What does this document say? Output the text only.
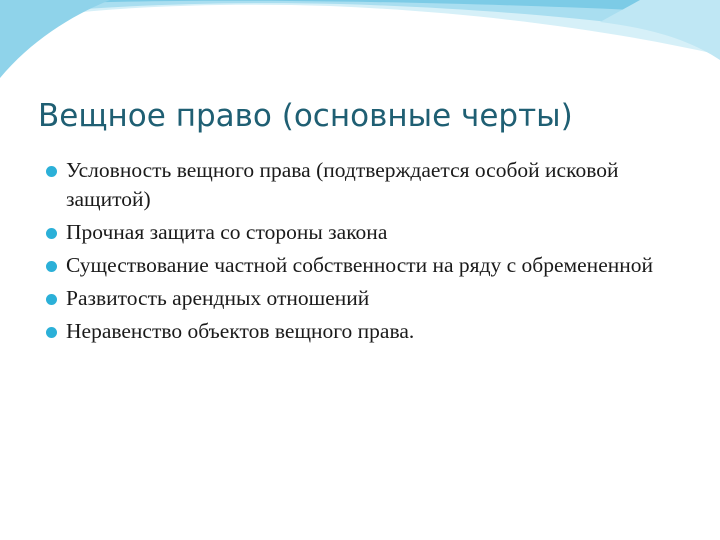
Вещное право (основные черты)
Условность вещного права (подтверждается особой исковой защитой)
Прочная защита со стороны закона
Существование частной собственности на ряду с обремененной
Развитость арендных отношений
Неравенство объектов вещного права.
